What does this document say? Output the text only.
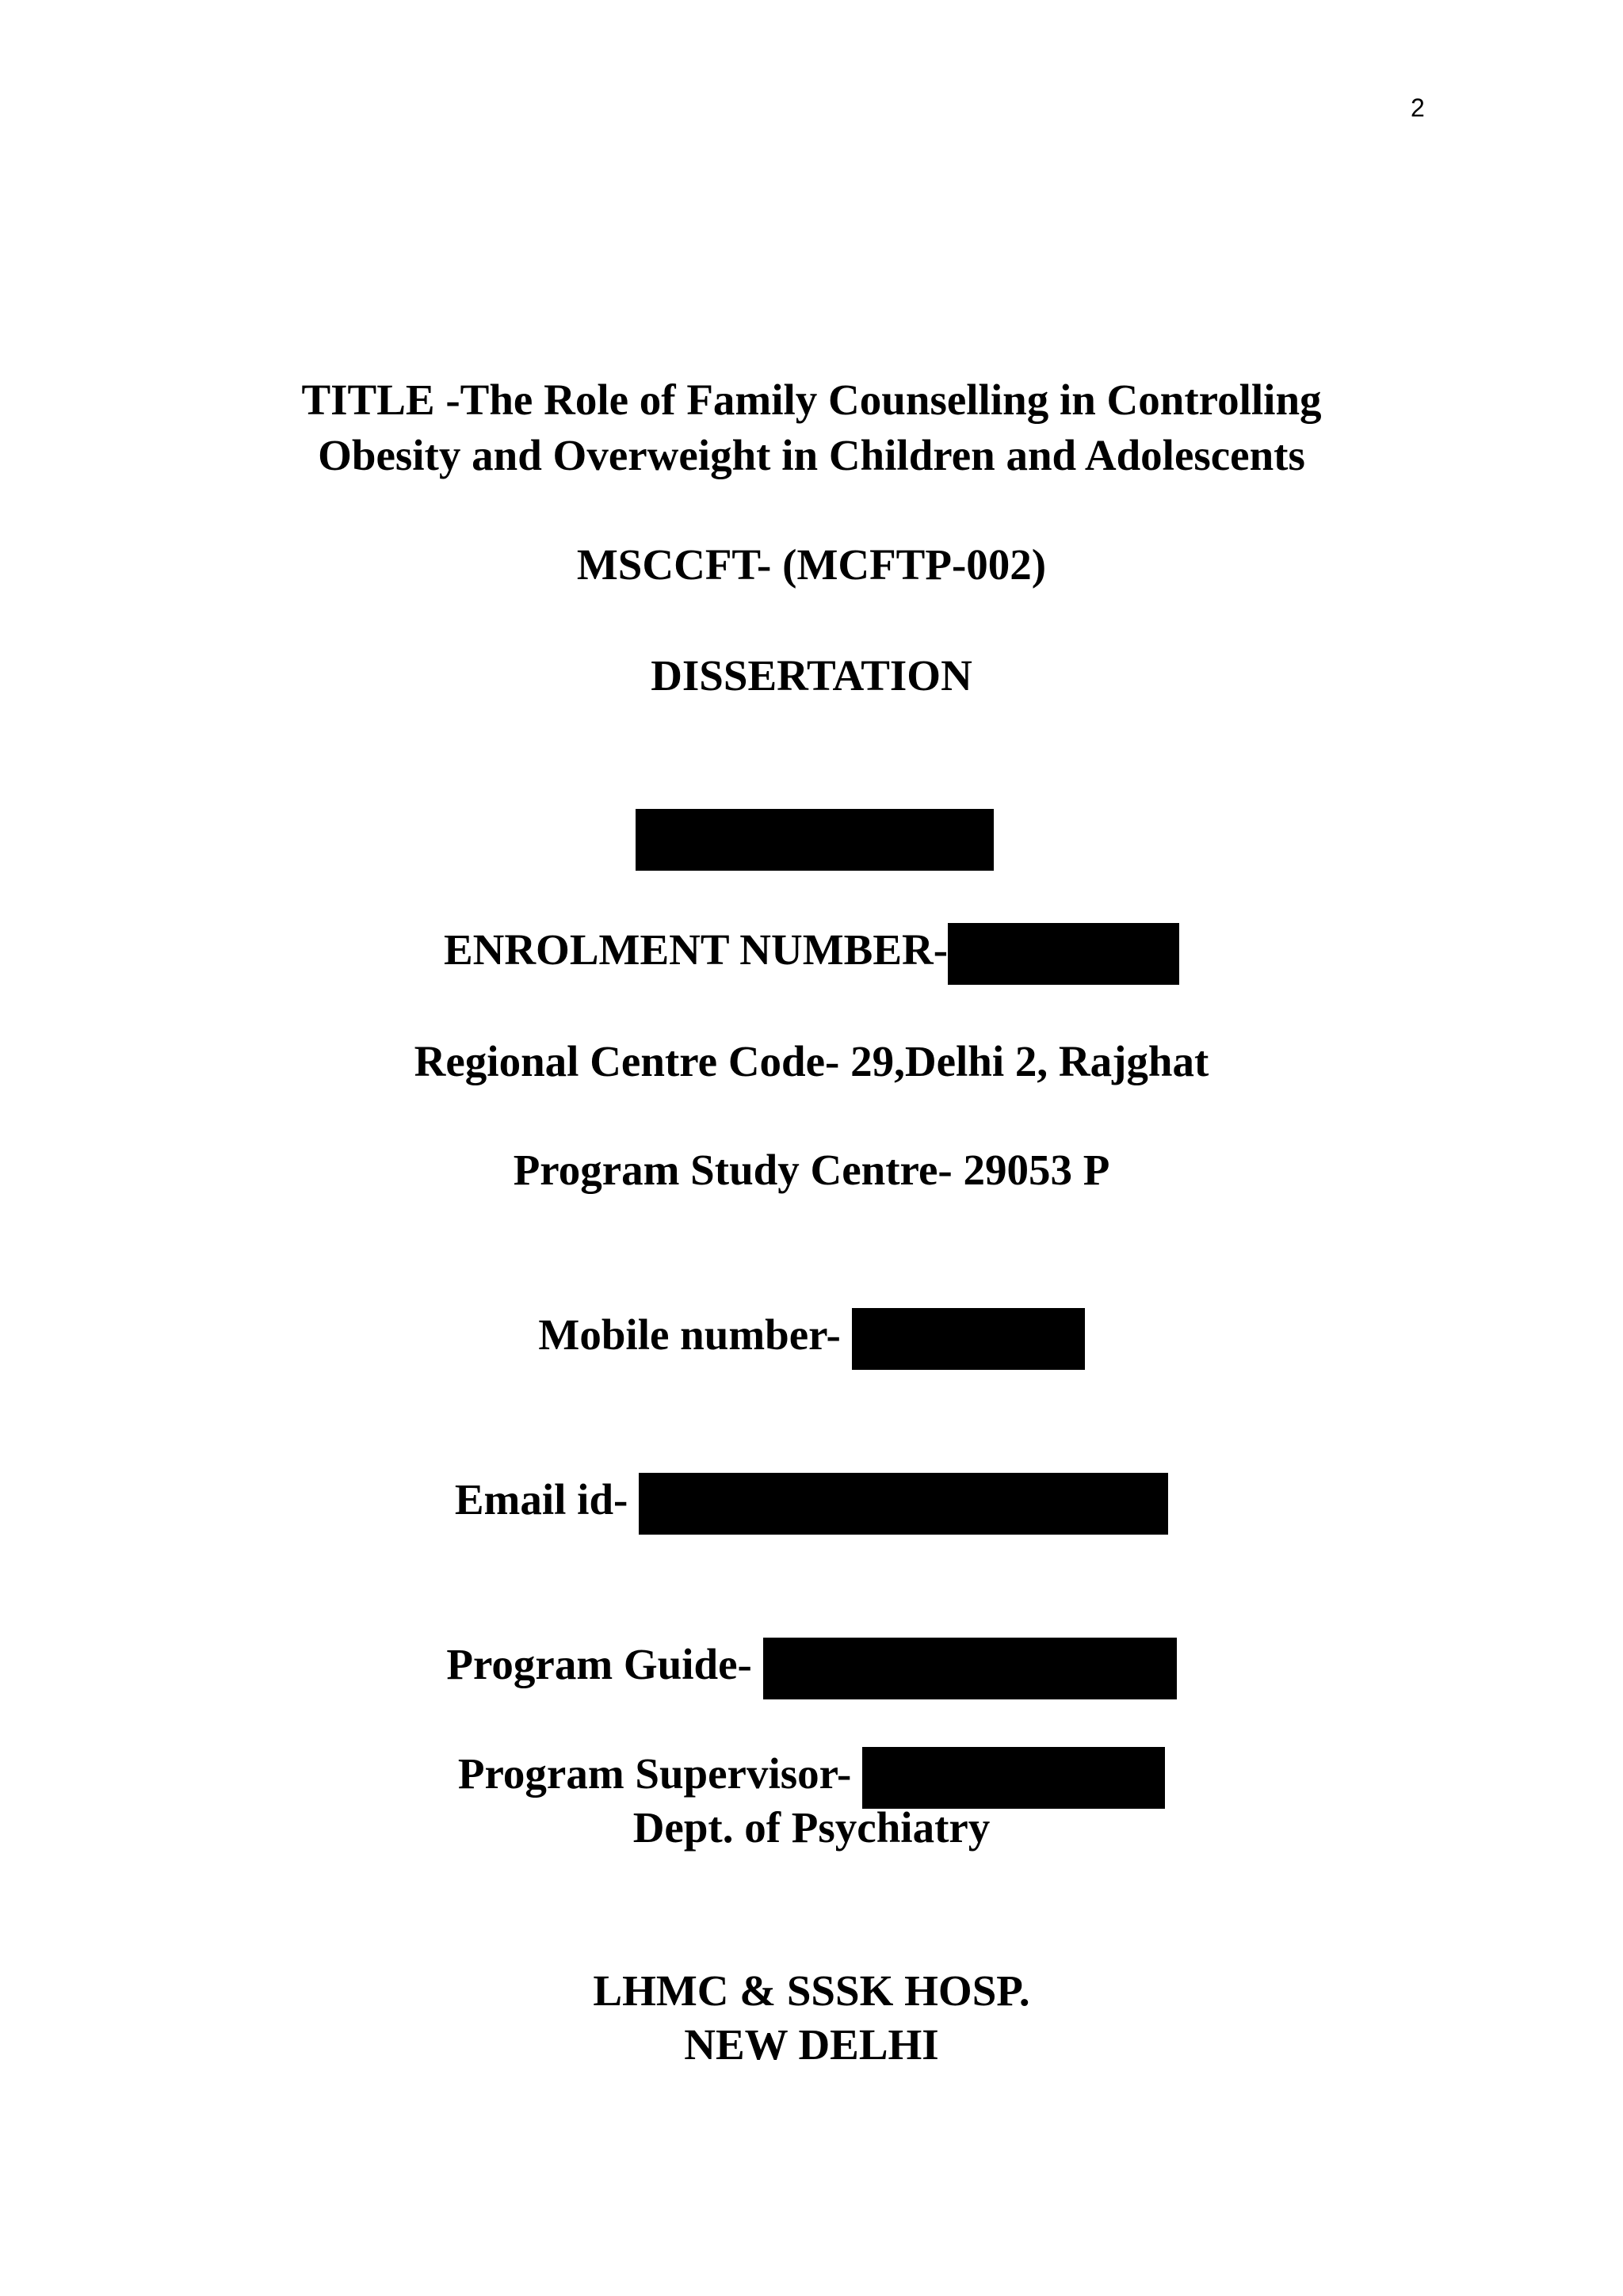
2
TITLE -The Role of Family Counselling in Controlling
Obesity and Overweight in Children and Adolescents
MSCCFT- (MCFTP-002)
DISSERTATION
ENROLMENT NUMBER-
Regional Centre Code- 29,Delhi 2, Rajghat
Program Study Centre- 29053 P
Mobile number-
Email id-
Program Guide-
Program Supervisor-
Dept. of Psychiatry
LHMC & SSSK HOSP.
NEW DELHI
